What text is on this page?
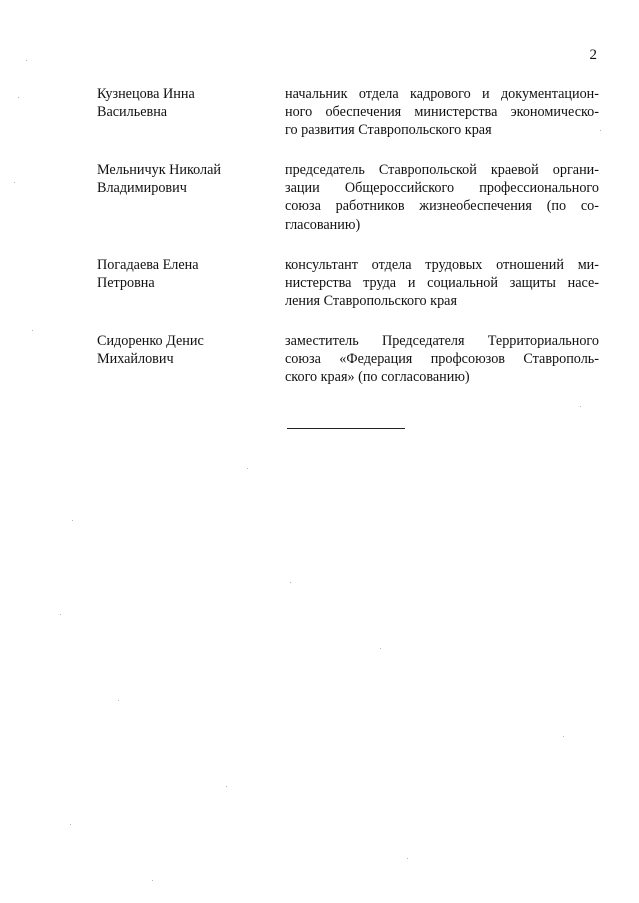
2
Кузнецова Инна
Васильевна
начальник отдела кадрового и документацион-
ного обеспечения министерства экономическо-
го развития Ставропольского края
Мельничук Николай
Владимирович
председатель Ставропольской краевой органи-
зации Общероссийского профессионального
союза работников жизнеобеспечения (по со-
гласованию)
Погадаева Елена
Петровна
консультант отдела трудовых отношений ми-
нистерства труда и социальной защиты насе-
ления Ставропольского края
Сидоренко Денис
Михайлович
заместитель Председателя Территориального
союза «Федерация профсоюзов Ставрополь-
ского края» (по согласованию)
